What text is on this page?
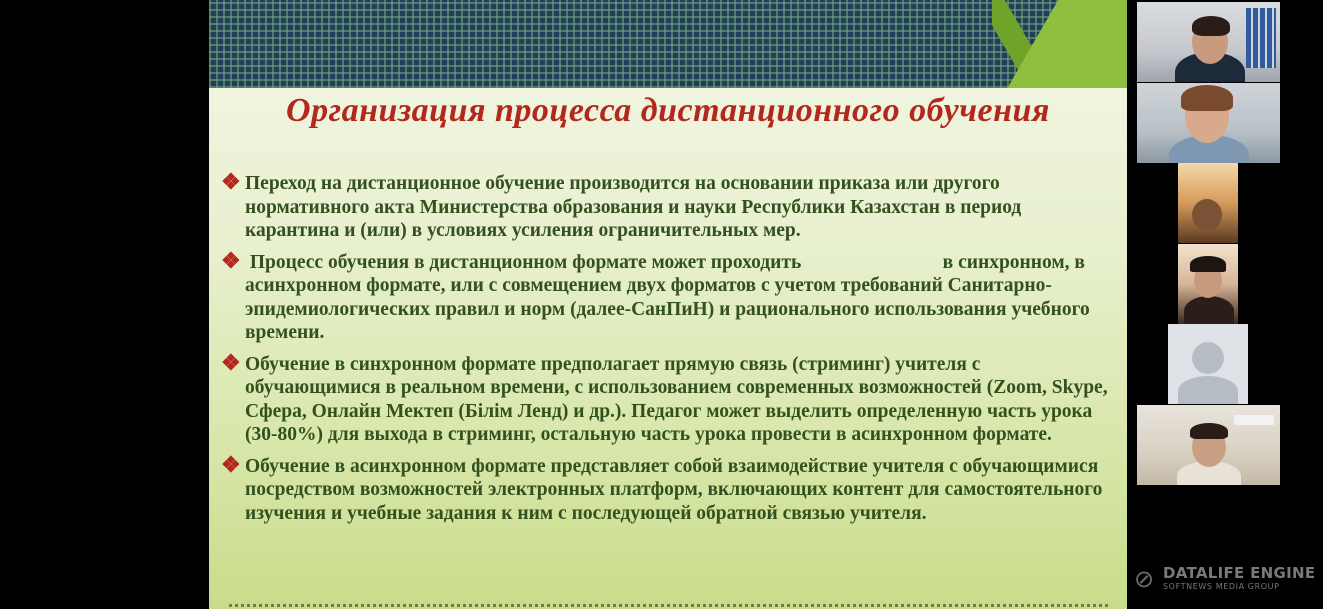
Организация процесса дистанционного обучения
❖ Переход на дистанционное обучение производится на основании приказа или другого нормативного акта Министерства образования и науки Республики Казахстан в период карантина и (или) в условиях усиления ограничительных мер.
❖ Процесс обучения в дистанционном формате может проходить                             в синхронном, в асинхронном формате, или с совмещением двух форматов с учетом требований Санитарно-эпидемиологических правил и норм (далее-СанПиН) и рационального использования учебного времени.
❖ Обучение в синхронном формате предполагает прямую связь (стриминг) учителя с обучающимися в реальном времени, с использованием современных возможностей (Zoom, Skype, Сфера, Онлайн Мектеп (Білім Ленд) и др.). Педагог может выделить определенную часть урока (30-80%) для выхода в стриминг, остальную часть урока провести в асинхронном формате.
❖ Обучение в асинхронном формате представляет собой взаимодействие учителя с обучающимися посредством возможностей электронных платформ, включающих контент для самостоятельного изучения и учебные задания к ним с последующей обратной связью учителя.
⊘ DATALIFE ENGINE
SOFTNEWS MEDIA GROUP
